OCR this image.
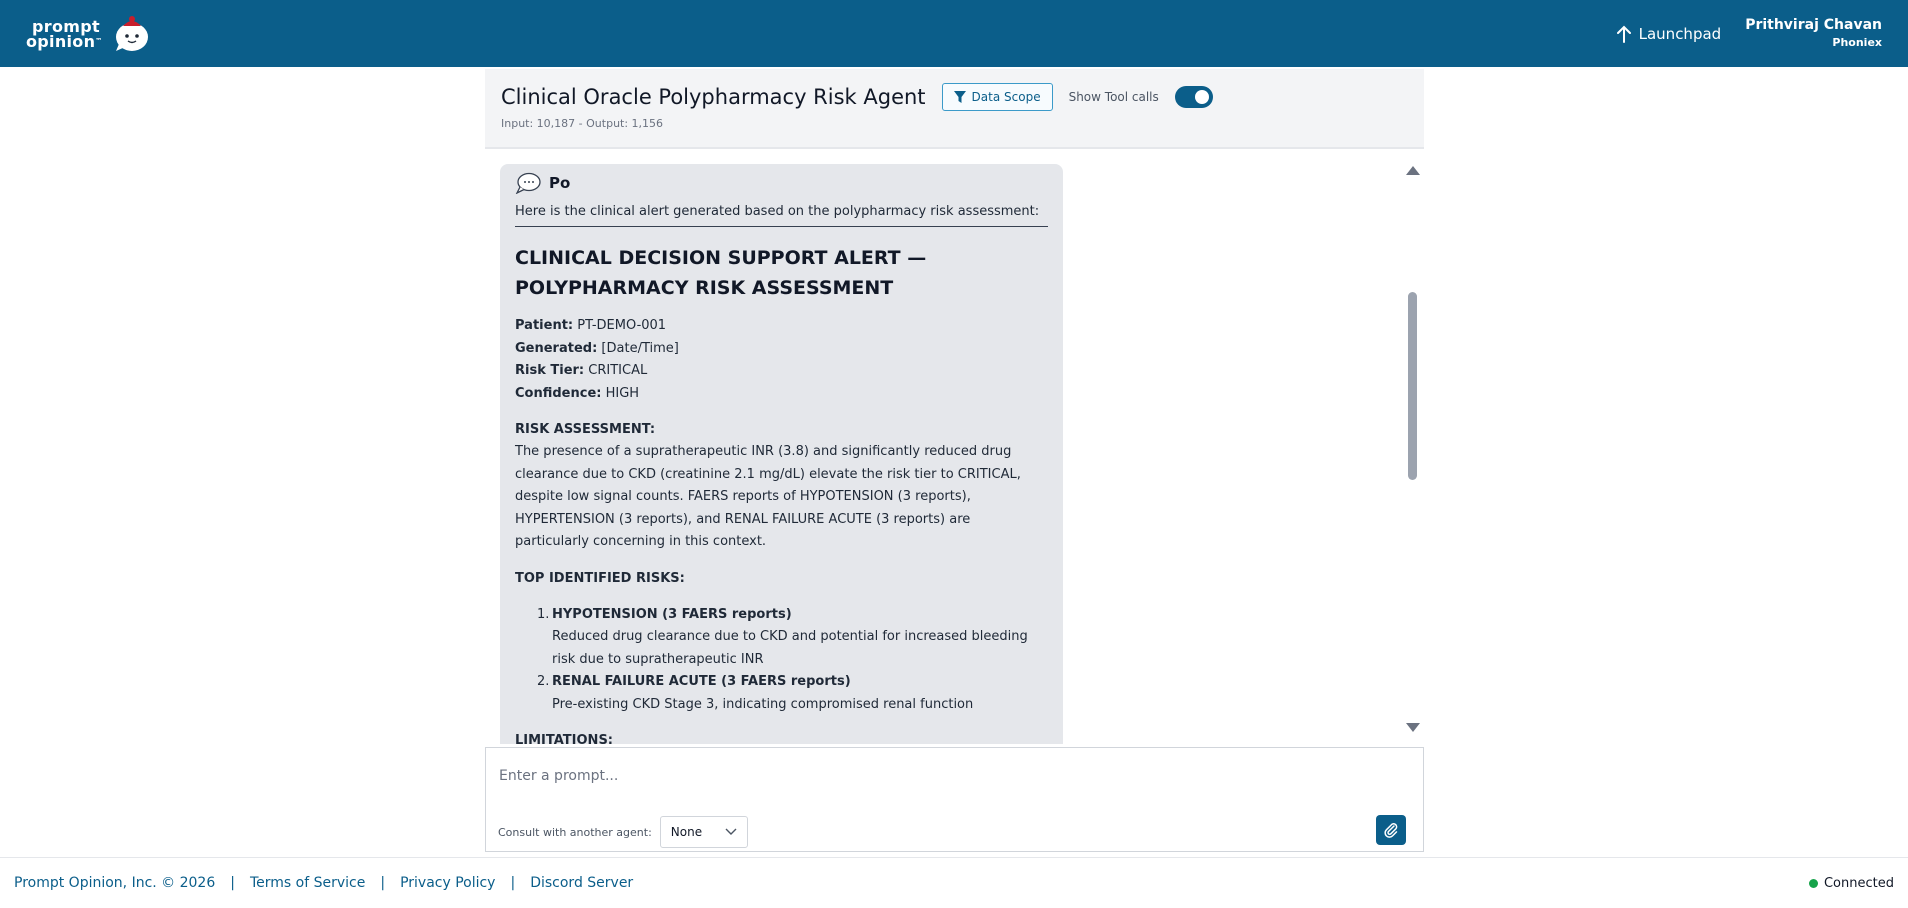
prompt
opinion™	Launchpad Prithviraj Chavan
Phoniex
Clinical Oracle Polypharmacy Risk Agent	Data Scope Show Tool calls
Input: 10,187 - Output: 1,156
Po
Here is the clinical alert generated based on the polypharmacy risk assessment:
CLINICAL DECISION SUPPORT ALERT —
POLYPHARMACY RISK ASSESSMENT
Patient: PT-DEMO-001
Generated: [Date/Time]
Risk Tier: CRITICAL
Confidence: HIGH
RISK ASSESSMENT:
The presence of a supratherapeutic INR (3.8) and significantly reduced drug clearance due to CKD (creatinine 2.1 mg/dL) elevate the risk tier to CRITICAL, despite low signal counts. FAERS reports of HYPOTENSION (3 reports), HYPERTENSION (3 reports), and RENAL FAILURE ACUTE (3 reports) are particularly concerning in this context.
TOP IDENTIFIED RISKS:
1. HYPOTENSION (3 FAERS reports)
Reduced drug clearance due to CKD and potential for increased bleeding risk due to supratherapeutic INR
2. RENAL FAILURE ACUTE (3 FAERS reports)
Pre-existing CKD Stage 3, indicating compromised renal function
LIMITATIONS:
Enter a prompt...
Consult with another agent: None
Prompt Opinion, Inc. © 2026 | Terms of Service | Privacy Policy | Discord Server	Connected
